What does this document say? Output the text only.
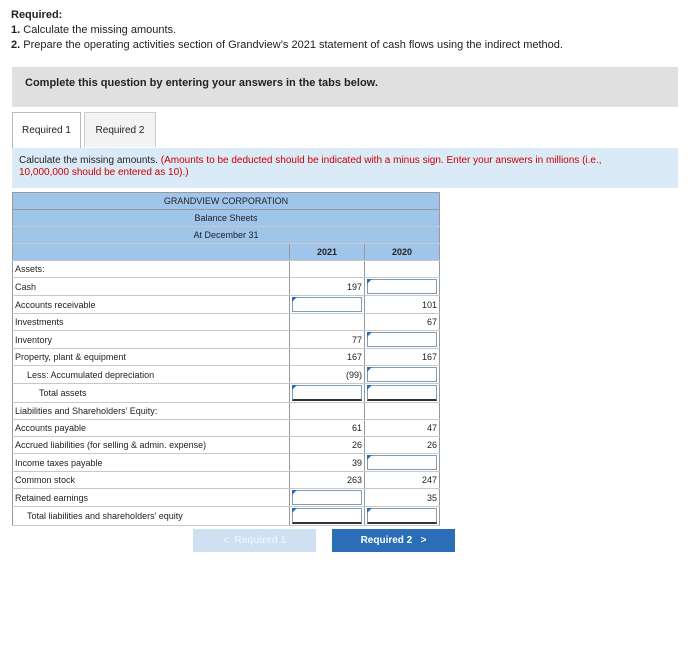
Required:
1. Calculate the missing amounts.
2. Prepare the operating activities section of Grandview’s 2021 statement of cash flows using the indirect method.
Complete this question by entering your answers in the tabs below.
Required 1 Required 2
Calculate the missing amounts. (Amounts to be deducted should be indicated with a minus sign. Enter your answers in millions (i.e., 10,000,000 should be entered as 10).)
GRANDVIEW CORPORATION		
Balance Sheets		
At December 31		
	2021	2020
Assets:		
Cash	197	

Accounts receivable		101
Investments		67
Inventory	77	

Property, plant & equipment	167	167
Less: Accumulated depreciation	(99)	

Total assets	

Liabilities and Shareholders’ Equity:		
Accounts payable	61	47
Accrued liabilities (for selling & admin. expense)	26	26
Income taxes payable	39	

Common stock	263	247
Retained earnings		35
Total liabilities and shareholders’ equity	

<
Required 1	Required 2
>
